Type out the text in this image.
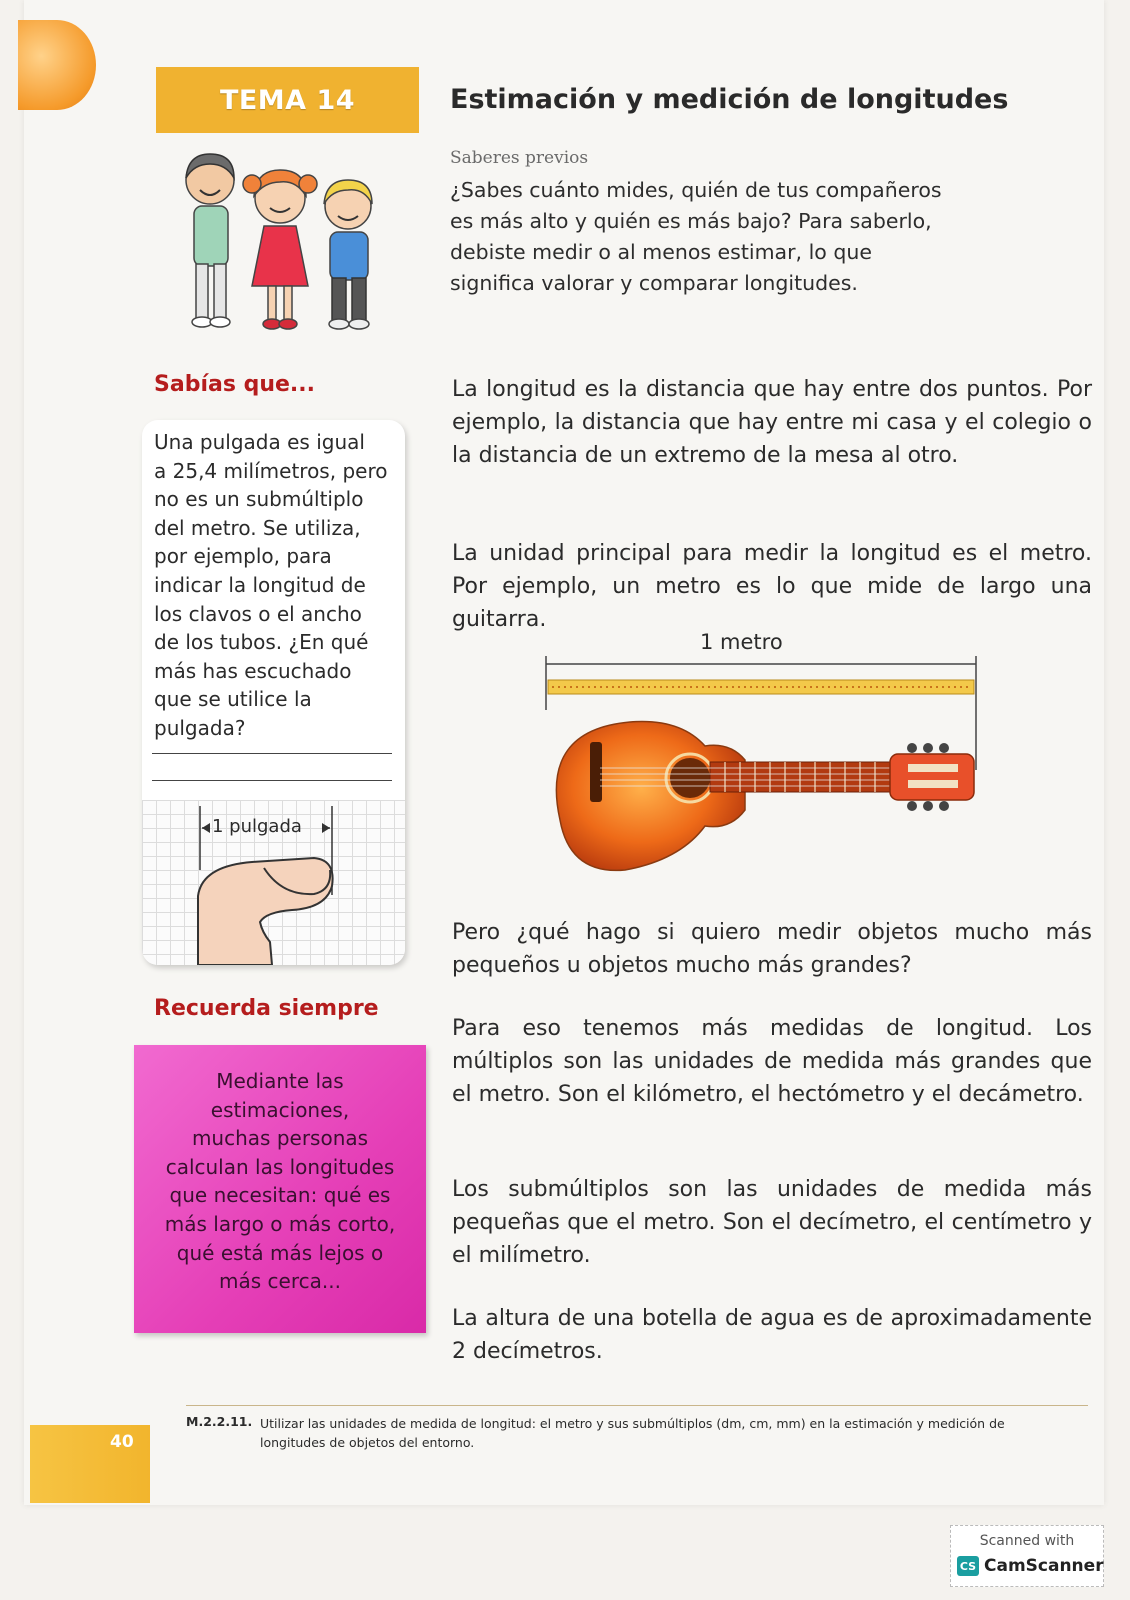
TEMA 14	Estimación y medición de longitudes
Saberes previos
¿Sabes cuánto mides, quién de tus compañeros
es más alto y quién es más bajo? Para saberlo,
debiste medir o al menos estimar, lo que
significa valorar y comparar longitudes.
Sabías que...
Una pulgada es igual
a 25,4 milímetros, pero
no es un submúltiplo
del metro. Se utiliza,
por ejemplo, para
indicar la longitud de
los clavos o el ancho
de los tubos. ¿En qué
más has escuchado
que se utilice la
pulgada?
1 pulgada
Recuerda siempre
Mediante las
estimaciones,
muchas personas
calculan las longitudes
que necesitan: qué es
más largo o más corto,
qué está más lejos o
más cerca...
La longitud es la distancia que hay entre dos puntos. Por ejemplo, la distancia que hay entre mi casa y el colegio o la distancia de un extremo de la mesa al otro.
La unidad principal para medir la longitud es el metro. Por ejemplo, un metro es lo que mide de largo una guitarra.
1 metro
Pero ¿qué hago si quiero medir objetos mucho más pequeños u objetos mucho más grandes?
Para eso tenemos más medidas de longitud. Los múltiplos son las unidades de medida más grandes que el metro. Son el kilómetro, el hectómetro y el decámetro.
Los submúltiplos son las unidades de medida más pequeñas que el metro. Son el decímetro, el centímetro y el milímetro.
La altura de una botella de agua es de aproximadamente 2 decímetros.
M.2.2.11. Utilizar las unidades de medida de longitud: el metro y sus submúltiplos (dm, cm, mm) en la estimación y medición de longitudes de objetos del entorno.
40
Scanned with
CS CamScanner
